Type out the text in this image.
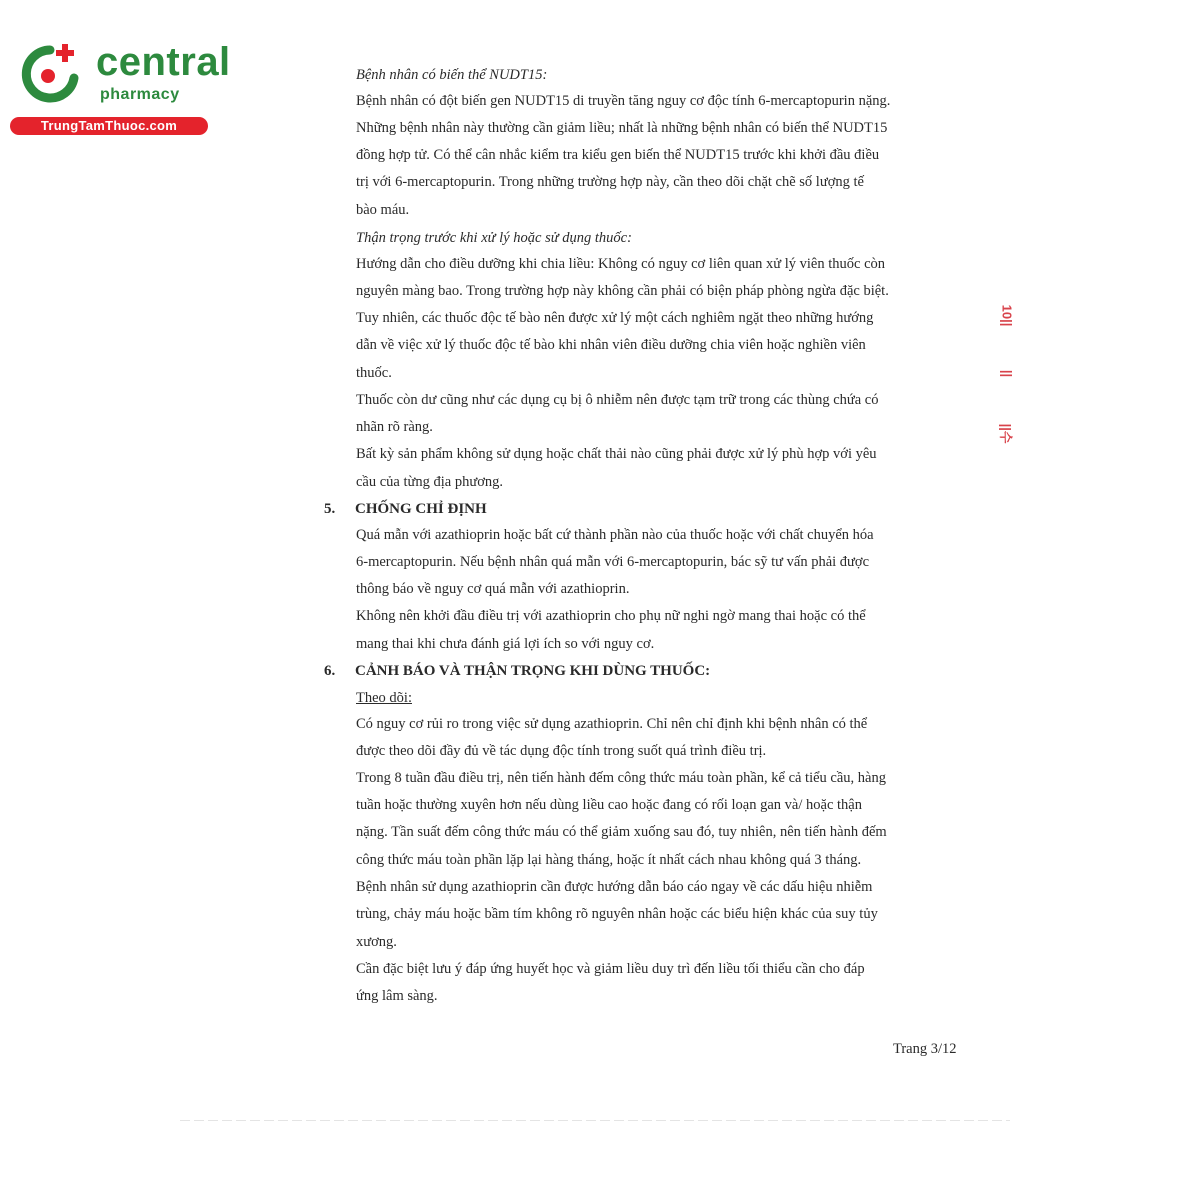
central
pharmacy
TrungTamThuoc.com
Bệnh nhân có biến thể NUDT15:
Bệnh nhân có đột biến gen NUDT15 di truyền tăng nguy cơ độc tính 6-mercaptopurin nặng.
Những bệnh nhân này thường cần giảm liều; nhất là những bệnh nhân có biến thể NUDT15
đồng hợp tử. Có thể cân nhắc kiểm tra kiểu gen biến thể NUDT15 trước khi khởi đầu điều
trị với 6-mercaptopurin. Trong những trường hợp này, cần theo dõi chặt chẽ số lượng tế
bào máu.
Thận trọng trước khi xử lý hoặc sử dụng thuốc:
Hướng dẫn cho điều dưỡng khi chia liều: Không có nguy cơ liên quan xử lý viên thuốc còn
nguyên màng bao. Trong trường hợp này không cần phải có biện pháp phòng ngừa đặc biệt.
Tuy nhiên, các thuốc độc tế bào nên được xử lý một cách nghiêm ngặt theo những hướng
dẫn về việc xử lý thuốc độc tế bào khi nhân viên điều dưỡng chia viên hoặc nghiền viên
thuốc.
Thuốc còn dư cũng như các dụng cụ bị ô nhiễm nên được tạm trữ trong các thùng chứa có
nhãn rõ ràng.
Bất kỳ sản phẩm không sử dụng hoặc chất thải nào cũng phải được xử lý phù hợp với yêu
cầu của từng địa phương.
5. CHỐNG CHỈ ĐỊNH
Quá mẫn với azathioprin hoặc bất cứ thành phần nào của thuốc hoặc với chất chuyển hóa
6-mercaptopurin. Nếu bệnh nhân quá mẫn với 6-mercaptopurin, bác sỹ tư vấn phải được
thông báo về nguy cơ quá mẫn với azathioprin.
Không nên khởi đầu điều trị với azathioprin cho phụ nữ nghi ngờ mang thai hoặc có thể
mang thai khi chưa đánh giá lợi ích so với nguy cơ.
6. CẢNH BÁO VÀ THẬN TRỌNG KHI DÙNG THUỐC:
Theo dõi:
Có nguy cơ rủi ro trong việc sử dụng azathioprin. Chỉ nên chỉ định khi bệnh nhân có thể
được theo dõi đầy đủ về tác dụng độc tính trong suốt quá trình điều trị.
Trong 8 tuần đầu điều trị, nên tiến hành đếm công thức máu toàn phần, kể cả tiểu cầu, hàng
tuần hoặc thường xuyên hơn nếu dùng liều cao hoặc đang có rối loạn gan và/ hoặc thận
nặng. Tần suất đếm công thức máu có thể giảm xuống sau đó, tuy nhiên, nên tiến hành đếm
công thức máu toàn phần lặp lại hàng tháng, hoặc ít nhất cách nhau không quá 3 tháng.
Bệnh nhân sử dụng azathioprin cần được hướng dẫn báo cáo ngay về các dấu hiệu nhiễm
trùng, chảy máu hoặc bầm tím không rõ nguyên nhân hoặc các biểu hiện khác của suy tủy
xương.
Cần đặc biệt lưu ý đáp ứng huyết học và giảm liều duy trì đến liều tối thiểu cần cho đáp
ứng lâm sàng.
Trang 3/12
10||
||
||수
